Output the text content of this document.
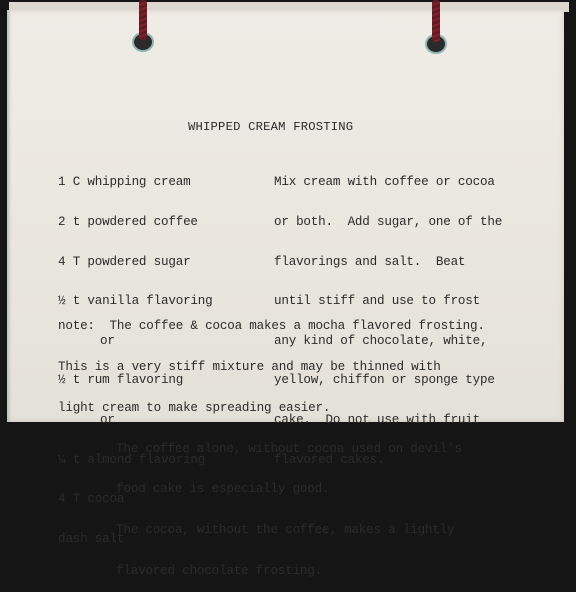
WHIPPED CREAM FROSTING

1 C whipping cream

2 t powdered coffee

4 T powdered sugar

½ t vanilla flavoring

or

½ t rum flavoring

or

¼ t almond flavoring

4 T cocoa

dash salt

Mix cream with coffee or cocoa

or both.  Add sugar, one of the

flavorings and salt.  Beat

until stiff and use to frost

any kind of chocolate, white,

yellow, chiffon or sponge type

cake.  Do not use with fruit

flavored cakes.

note:  The coffee & cocoa makes a mocha flavored frosting.

This is a very stiff mixture and may be thinned with

light cream to make spreading easier.

The coffee alone, without cocoa used on devil's

food cake is especially good.

The cocoa, without the coffee, makes a lightly

flavored chocolate frosting.
